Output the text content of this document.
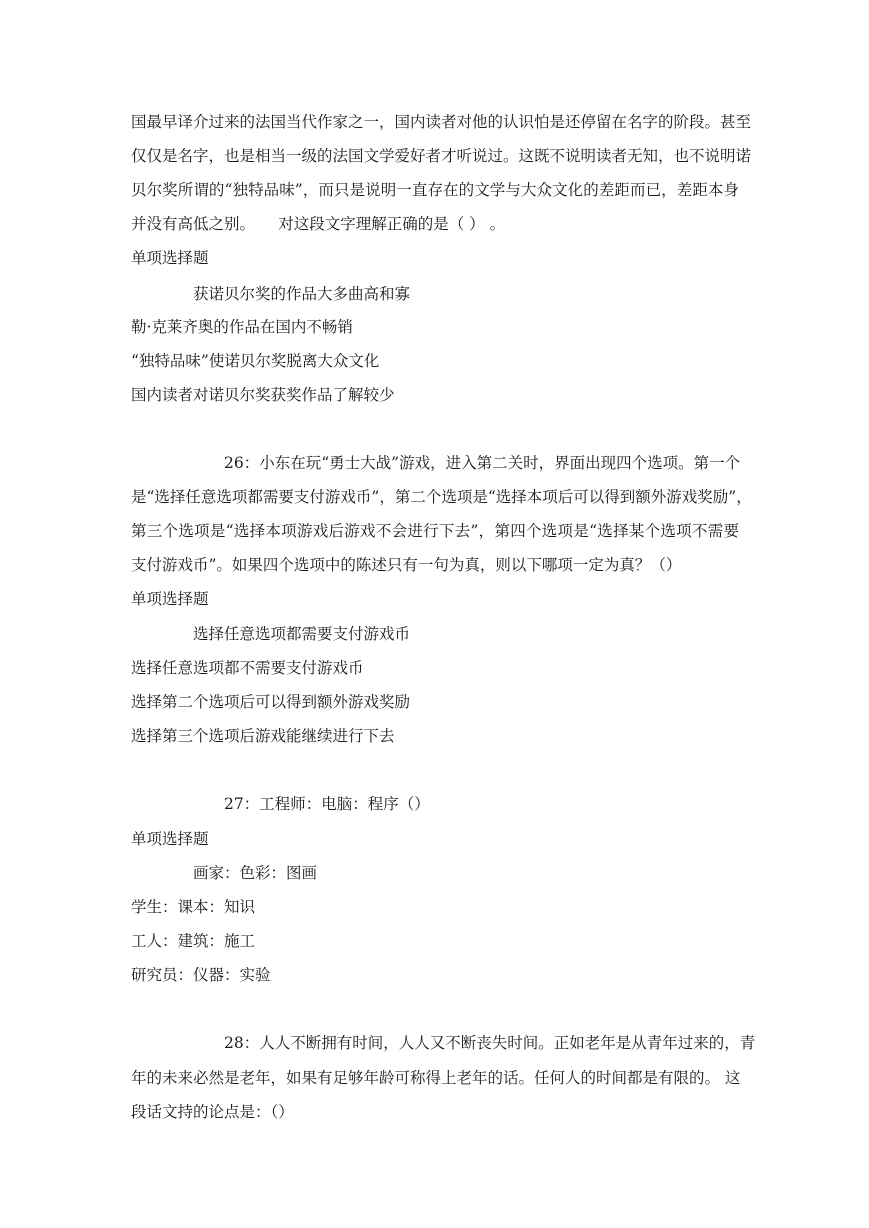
国最早译介过来的法国当代作家之一，国内读者对他的认识怕是还停留在名字的阶段。甚至
仅仅是名字，也是相当一级的法国文学爱好者才听说过。这既不说明读者无知，也不说明诺
贝尔奖所谓的“独特品味”，而只是说明一直存在的文学与大众文化的差距而已，差距本身
并没有高低之别。　　对这段文字理解正确的是（ ） 。
单项选择题
获诺贝尔奖的作品大多曲高和寡
勒·克莱齐奥的作品在国内不畅销
“独特品味”使诺贝尔奖脱离大众文化
国内读者对诺贝尔奖获奖作品了解较少
26：小东在玩“勇士大战”游戏，进入第二关时，界面出现四个选项。第一个
是“选择任意选项都需要支付游戏币”，第二个选项是“选择本项后可以得到额外游戏奖励”，
第三个选项是“选择本项游戏后游戏不会进行下去”，第四个选项是“选择某个选项不需要
支付游戏币”。如果四个选项中的陈述只有一句为真，则以下哪项一定为真？（）
单项选择题
选择任意选项都需要支付游戏币
选择任意选项都不需要支付游戏币
选择第二个选项后可以得到额外游戏奖励
选择第三个选项后游戏能继续进行下去
27：工程师：电脑：程序（）
单项选择题
画家：色彩：图画
学生：课本：知识
工人：建筑：施工
研究员：仪器：实验
28：人人不断拥有时间，人人又不断丧失时间。正如老年是从青年过来的，青
年的未来必然是老年，如果有足够年龄可称得上老年的话。任何人的时间都是有限的。 这
段话文持的论点是：（）
